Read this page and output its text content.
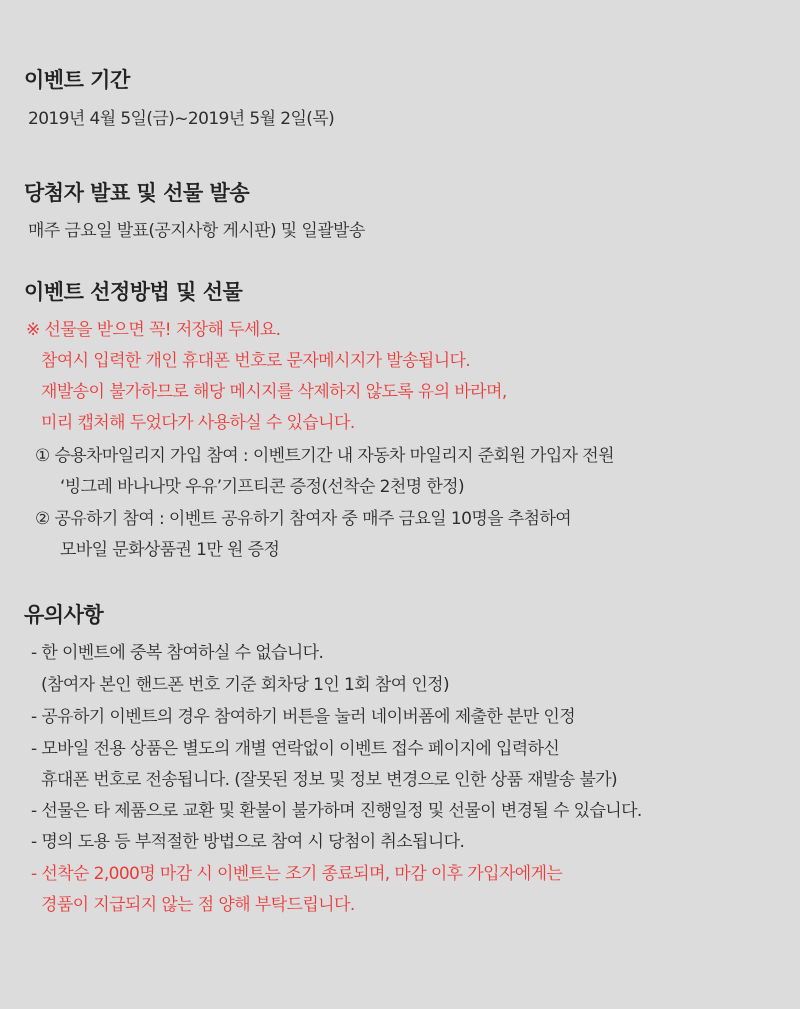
이벤트 기간
2019년 4월 5일(금)~2019년 5월 2일(목)
당첨자 발표 및 선물 발송
매주 금요일 발표(공지사항 게시판) 및 일괄발송
이벤트 선정방법 및 선물
※ 선물을 받으면 꼭! 저장해 두세요.
참여시 입력한 개인 휴대폰 번호로 문자메시지가 발송됩니다.
재발송이 불가하므로 해당 메시지를 삭제하지 않도록 유의 바라며,
미리 캡처해 두었다가 사용하실 수 있습니다.
① 승용차마일리지 가입 참여 : 이벤트기간 내 자동차 마일리지 준회원 가입자 전원
‘빙그레 바나나맛 우유’기프티콘 증정(선착순 2천명 한정)
② 공유하기 참여 : 이벤트 공유하기 참여자 중 매주 금요일 10명을 추첨하여
모바일 문화상품권 1만 원 증정
유의사항
- 한 이벤트에 중복 참여하실 수 없습니다.
(참여자 본인 핸드폰 번호 기준 회차당 1인 1회 참여 인정)
- 공유하기 이벤트의 경우 참여하기 버튼을 눌러 네이버폼에 제출한 분만 인정
- 모바일 전용 상품은 별도의 개별 연락없이 이벤트 접수 페이지에 입력하신
휴대폰 번호로 전송됩니다. (잘못된 정보 및 정보 변경으로 인한 상품 재발송 불가)
- 선물은 타 제품으로 교환 및 환불이 불가하며 진행일정 및 선물이 변경될 수 있습니다.
- 명의 도용 등 부적절한 방법으로 참여 시 당첨이 취소됩니다.
- 선착순 2,000명 마감 시 이벤트는 조기 종료되며, 마감 이후 가입자에게는
경품이 지급되지 않는 점 양해 부탁드립니다.
